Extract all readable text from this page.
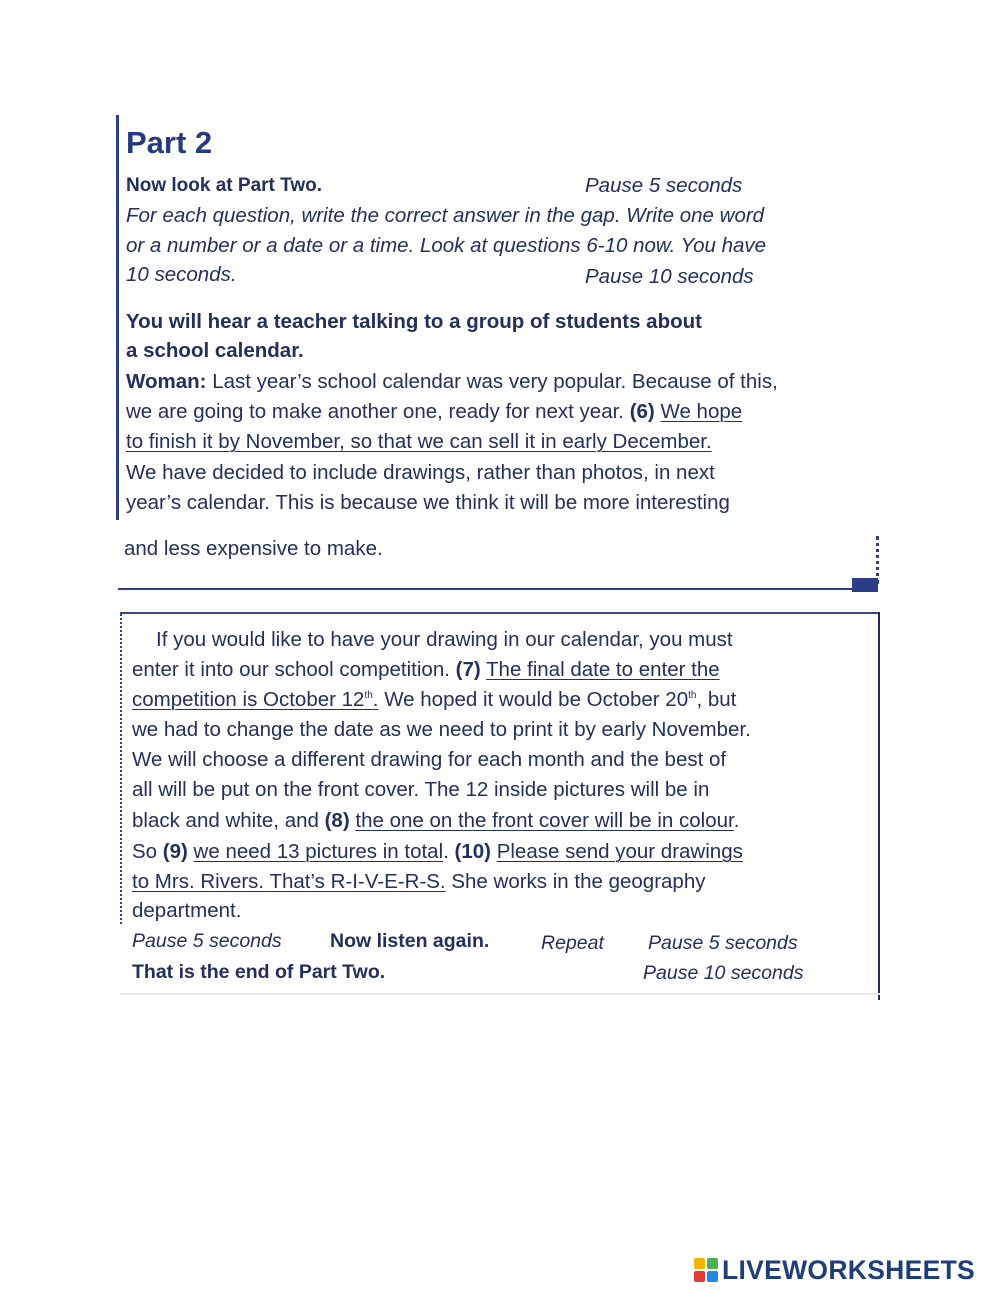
Part 2
Now look at Part Two.	Pause 5 seconds
For each question, write the correct answer in the gap. Write one word
or a number or a date or a time. Look at questions 6-10 now. You have
10 seconds.	Pause 10 seconds
You will hear a teacher talking to a group of students about
a school calendar.
Woman: Last year’s school calendar was very popular. Because of this,
we are going to make another one, ready for next year. (6) We hope
to finish it by November, so that we can sell it in early December.
We have decided to include drawings, rather than photos, in next
year’s calendar. This is because we think it will be more interesting
and less expensive to make.
If you would like to have your drawing in our calendar, you must
enter it into our school competition. (7) The final date to enter the
competition is October 12th. We hoped it would be October 20th, but
we had to change the date as we need to print it by early November.
We will choose a different drawing for each month and the best of
all will be put on the front cover. The 12 inside pictures will be in
black and white, and (8) the one on the front cover will be in colour.
So (9) we need 13 pictures in total. (10) Please send your drawings
to Mrs. Rivers. That’s R-I-V-E-R-S. She works in the geography
department.
Pause 5 seconds Now listen again.	Repeat Pause 5 seconds
That is the end of Part Two.	Pause 10 seconds
LIVEWORKSHEETS
